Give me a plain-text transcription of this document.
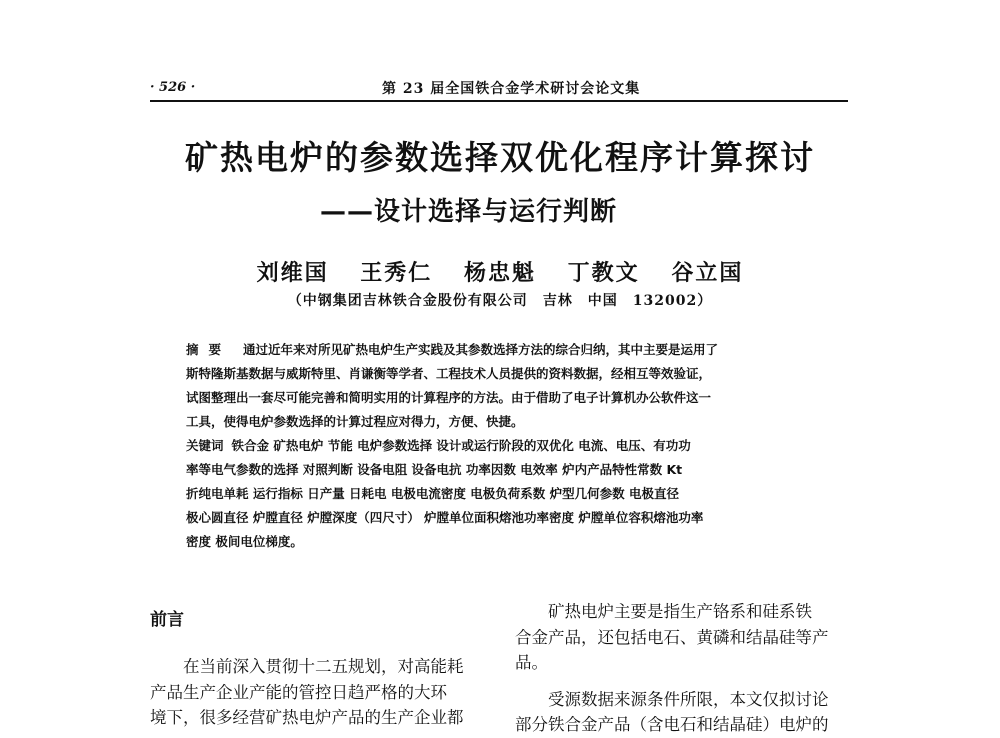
· 526 ·	第 23 届全国铁合金学术研讨会论文集
矿热电炉的参数选择双优化程序计算探讨
——设计选择与运行判断
刘维国 王秀仁 杨忠魁 丁教文 谷立国
（中钢集团吉林铁合金股份有限公司　吉林　中国　132002）

摘要 通过近年来对所见矿热电炉生产实践及其参数选择方法的综合归纳，其中主要是运用了

斯特隆斯基数据与威斯特里、肖谦衡等学者、工程技术人员提供的资料数据，经相互等效验证，

试图整理出一套尽可能完善和简明实用的计算程序的方法。由于借助了电子计算机办公软件这一

工具，使得电炉参数选择的计算过程应对得力，方便、快捷。

关键词 铁合金 矿热电炉 节能 电炉参数选择 设计或运行阶段的双优化 电流、电压、有功功

率等电气参数的选择 对照判断 设备电阻 设备电抗 功率因数 电效率 炉内产品特性常数 Kt

折纯电单耗 运行指标 日产量 日耗电 电极电流密度 电极负荷系数 炉型几何参数 电极直径

极心圆直径 炉膛直径 炉膛深度（四尺寸） 炉膛单位面积熔池功率密度 炉膛单位容积熔池功率

密度 极间电位梯度。

前言

在当前深入贯彻十二五规划，对高能耗

产品生产企业产能的管控日趋严格的大环

境下，很多经营矿热电炉产品的生产企业都

矿热电炉主要是指生产铬系和硅系铁

合金产品，还包括电石、黄磷和结晶硅等产

品。

受源数据来源条件所限，本文仅拟讨论

部分铁合金产品（含电石和结晶硅）电炉的
